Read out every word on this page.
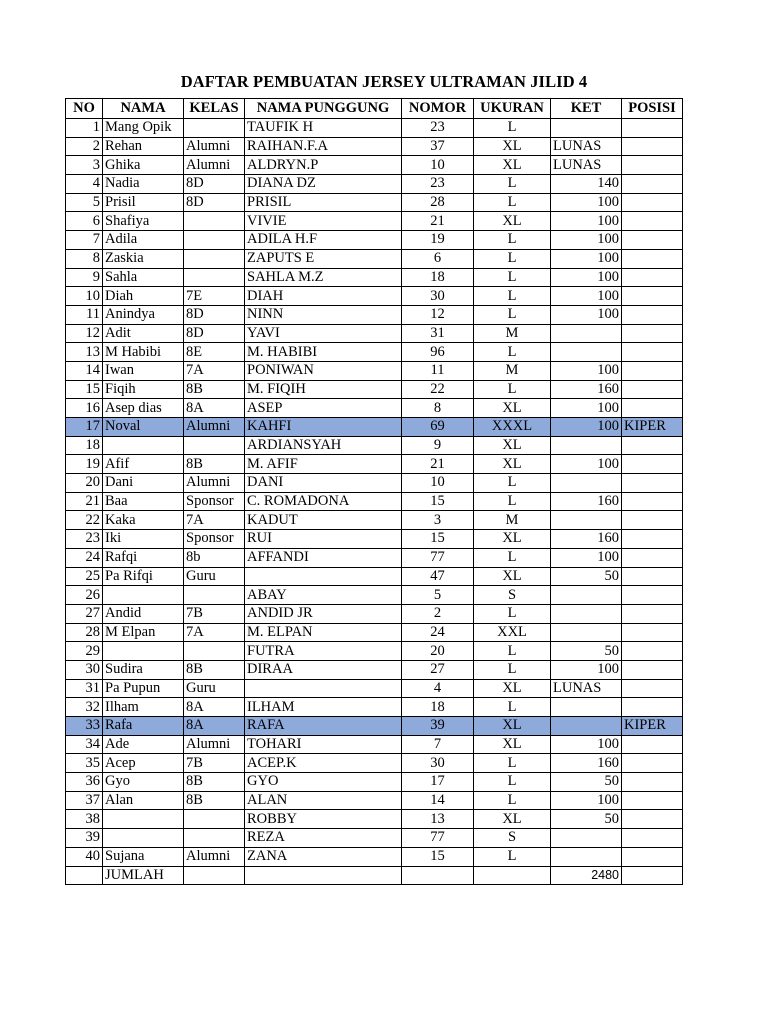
DAFTAR PEMBUATAN JERSEY ULTRAMAN JILID 4
NO	NAMA	KELAS	NAMA PUNGGUNG	NOMOR	UKURAN	KET	POSISI
1	Mang Opik		TAUFIK H	23	L		
2	Rehan	Alumni	RAIHAN.F.A	37	XL	LUNAS	
3	Ghika	Alumni	ALDRYN.P	10	XL	LUNAS	
4	Nadia	8D	DIANA DZ	23	L	140	
5	Prisil	8D	PRISIL	28	L	100	
6	Shafiya		VIVIE	21	XL	100	
7	Adila		ADILA H.F	19	L	100	
8	Zaskia		ZAPUTS E	6	L	100	
9	Sahla		SAHLA M.Z	18	L	100	
10	Diah	7E	DIAH	30	L	100	
11	Anindya	8D	NINN	12	L	100	
12	Adit	8D	YAVI	31	M		
13	M Habibi	8E	M. HABIBI	96	L		
14	Iwan	7A	PONIWAN	11	M	100	
15	Fiqih	8B	M. FIQIH	22	L	160	
16	Asep dias	8A	ASEP	8	XL	100	
17	Noval	Alumni	KAHFI	69	XXXL	100	KIPER
18			ARDIANSYAH	9	XL		
19	Afif	8B	M. AFIF	21	XL	100	
20	Dani	Alumni	DANI	10	L		
21	Baa	Sponsor	C. ROMADONA	15	L	160	
22	Kaka	7A	KADUT	3	M		
23	Iki	Sponsor	RUI	15	XL	160	
24	Rafqi	8b	AFFANDI	77	L	100	
25	Pa Rifqi	Guru		47	XL	50	
26			ABAY	5	S		
27	Andid	7B	ANDID JR	2	L		
28	M Elpan	7A	M. ELPAN	24	XXL		
29			FUTRA	20	L	50	
30	Sudira	8B	DIRAA	27	L	100	
31	Pa Pupun	Guru		4	XL	LUNAS	
32	Ilham	8A	ILHAM	18	L		
33	Rafa	8A	RAFA	39	XL		KIPER
34	Ade	Alumni	TOHARI	7	XL	100	
35	Acep	7B	ACEP.K	30	L	160	
36	Gyo	8B	GYO	17	L	50	
37	Alan	8B	ALAN	14	L	100	
38			ROBBY	13	XL	50	
39			REZA	77	S		
40	Sujana	Alumni	ZANA	15	L		
	JUMLAH					2480	
